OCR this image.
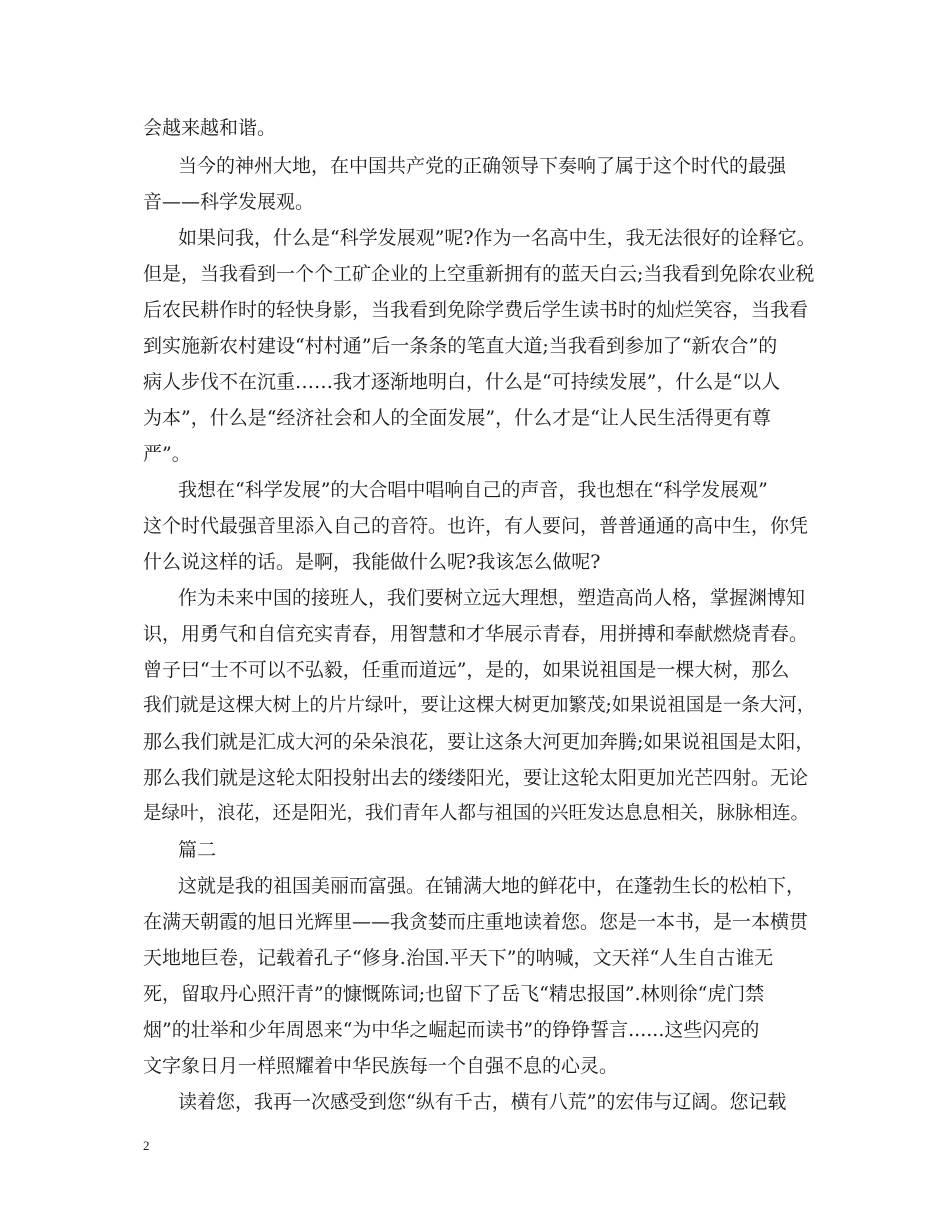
会越来越和谐。
当今的神州大地，在中国共产党的正确领导下奏响了属于这个时代的最强
音——科学发展观。
如果问我，什么是“科学发展观”呢?作为一名高中生，我无法很好的诠释它。
但是，当我看到一个个工矿企业的上空重新拥有的蓝天白云;当我看到免除农业税
后农民耕作时的轻快身影，当我看到免除学费后学生读书时的灿烂笑容，当我看
到实施新农村建设“村村通”后一条条的笔直大道;当我看到参加了“新农合”的
病人步伐不在沉重……我才逐渐地明白，什么是“可持续发展”，什么是“以人
为本”，什么是“经济社会和人的全面发展”，什么才是“让人民生活得更有尊
严”。
我想在“科学发展”的大合唱中唱响自己的声音，我也想在“科学发展观”
这个时代最强音里添入自己的音符。也许，有人要问，普普通通的高中生，你凭
什么说这样的话。是啊，我能做什么呢?我该怎么做呢?
作为未来中国的接班人，我们要树立远大理想，塑造高尚人格，掌握渊博知
识，用勇气和自信充实青春，用智慧和才华展示青春，用拼搏和奉献燃烧青春。
曾子曰“士不可以不弘毅，任重而道远”，是的，如果说祖国是一棵大树，那么
我们就是这棵大树上的片片绿叶，要让这棵大树更加繁茂;如果说祖国是一条大河，
那么我们就是汇成大河的朵朵浪花，要让这条大河更加奔腾;如果说祖国是太阳，
那么我们就是这轮太阳投射出去的缕缕阳光，要让这轮太阳更加光芒四射。无论
是绿叶，浪花，还是阳光，我们青年人都与祖国的兴旺发达息息相关，脉脉相连。
篇二
这就是我的祖国美丽而富强。在铺满大地的鲜花中，在蓬勃生长的松柏下，
在满天朝霞的旭日光辉里——我贪婪而庄重地读着您。您是一本书，是一本横贯
天地地巨卷，记载着孔子“修身.治国.平天下”的呐喊，文天祥“人生自古谁无
死，留取丹心照汗青”的慷慨陈词;也留下了岳飞“精忠报国”.林则徐“虎门禁
烟”的壮举和少年周恩来“为中华之崛起而读书”的铮铮誓言......这些闪亮的
文字象日月一样照耀着中华民族每一个自强不息的心灵。
读着您，我再一次感受到您“纵有千古，横有八荒”的宏伟与辽阔。您记载
2
